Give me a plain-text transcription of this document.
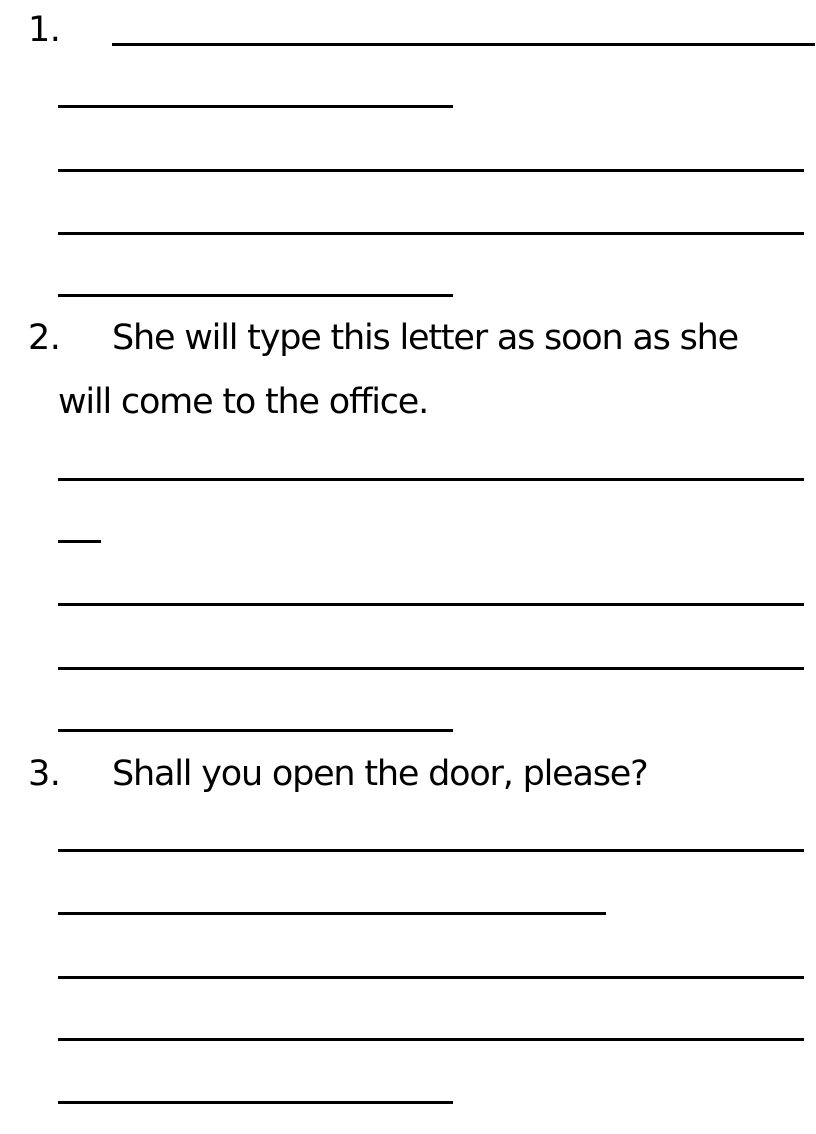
1.
2. She will type this letter as soon as she
will come to the office.
3. Shall you open the door, please?
